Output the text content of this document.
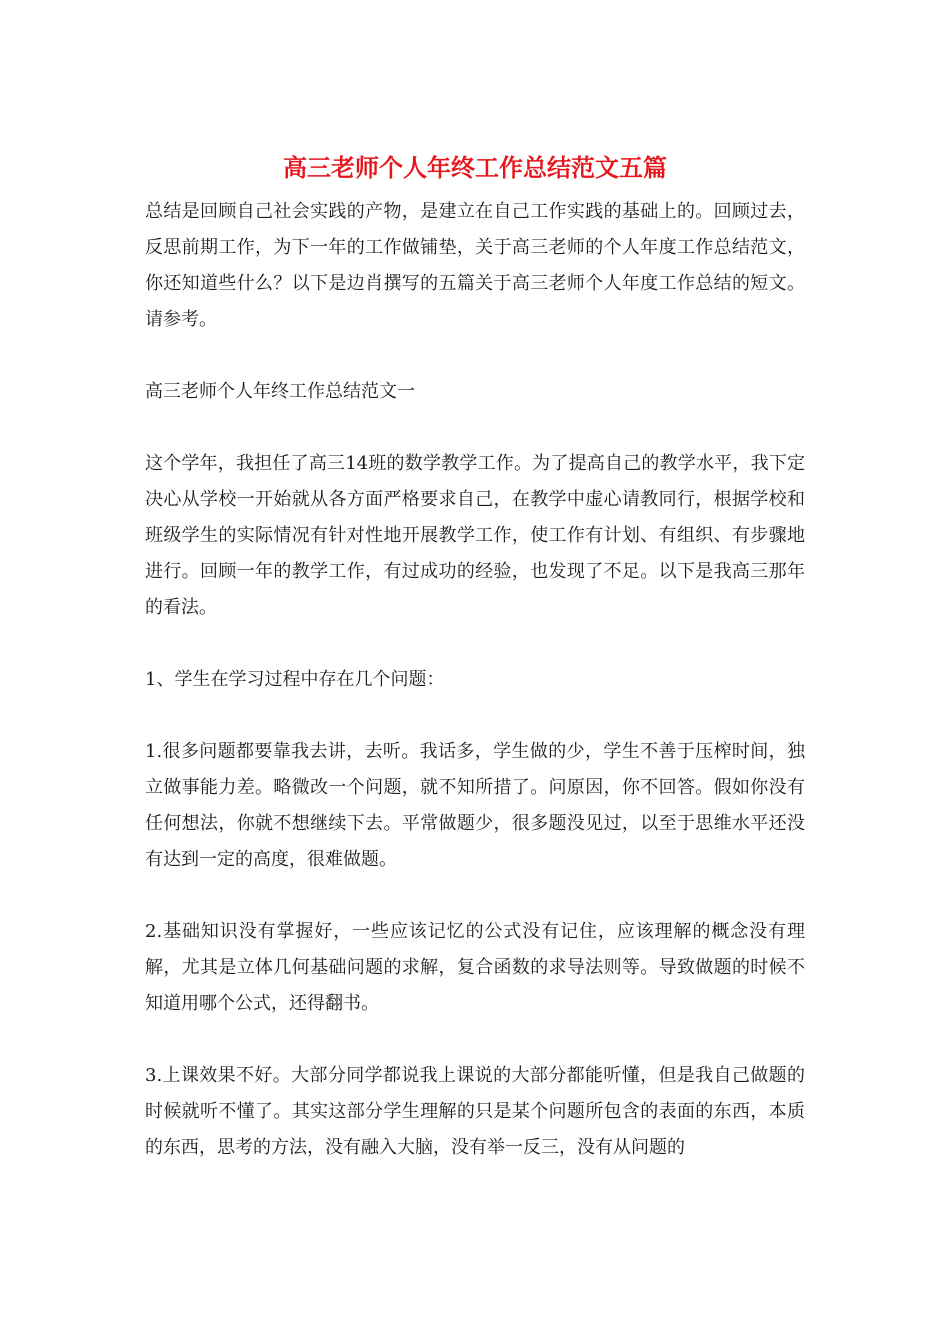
高三老师个人年终工作总结范文五篇

总结是回顾自己社会实践的产物，是建立在自己工作实践的基础上的。回顾过去，反思前期工作，为下一年的工作做铺垫，关于高三老师的个人年度工作总结范文，你还知道些什么？以下是边肖撰写的五篇关于高三老师个人年度工作总结的短文。请参考。

高三老师个人年终工作总结范文一

这个学年，我担任了高三14班的数学教学工作。为了提高自己的教学水平，我下定决心从学校一开始就从各方面严格要求自己，在教学中虚心请教同行，根据学校和班级学生的实际情况有针对性地开展教学工作，使工作有计划、有组织、有步骤地进行。回顾一年的教学工作，有过成功的经验，也发现了不足。以下是我高三那年的看法。

1、学生在学习过程中存在几个问题：

1.很多问题都要靠我去讲，去听。我话多，学生做的少，学生不善于压榨时间，独立做事能力差。略微改一个问题，就不知所措了。问原因，你不回答。假如你没有任何想法，你就不想继续下去。平常做题少，很多题没见过，以至于思维水平还没有达到一定的高度，很难做题。

2.基础知识没有掌握好，一些应该记忆的公式没有记住，应该理解的概念没有理解，尤其是立体几何基础问题的求解，复合函数的求导法则等。导致做题的时候不知道用哪个公式，还得翻书。

3.上课效果不好。大部分同学都说我上课说的大部分都能听懂，但是我自己做题的时候就听不懂了。其实这部分学生理解的只是某个问题所包含的表面的东西，本质的东西，思考的方法，没有融入大脑，没有举一反三，没有从问题的
